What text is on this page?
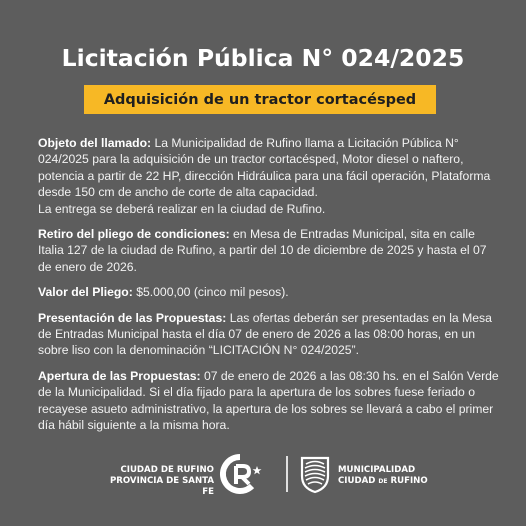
Licitación Pública N° 024/2025
Adquisición de un tractor cortacésped

Objeto del llamado: La Municipalidad de Rufino llama a Licitación Pública N° 024/2025 para la adquisición de un tractor cortacésped, Motor diesel o naftero, potencia a partir de 22 HP, dirección Hidráulica para una fácil operación, Plataforma desde 150 cm de ancho de corte de alta capacidad.
La entrega se deberá realizar en la ciudad de Rufino.

Retiro del pliego de condiciones: en Mesa de Entradas Municipal, sita en calle Italia 127 de la ciudad de Rufino, a partir del 10 de diciembre de 2025 y hasta el 07 de enero de 2026.

Valor del Pliego: $5.000,00 (cinco mil pesos).

Presentación de las Propuestas: Las ofertas deberán ser presentadas en la Mesa de Entradas Municipal hasta el día 07 de enero de 2026 a las 08:00 horas, en un sobre liso con la denominación “LICITACIÓN N° 024/2025”.

Apertura de las Propuestas: 07 de enero de 2026 a las 08:30 hs. en el Salón Verde de la Municipalidad. Si el día fijado para la apertura de los sobres fuese feriado o recayese asueto administrativo, la apertura de los sobres se llevará a cabo el primer día hábil siguiente a la misma hora.

CIUDAD DE RUFINO
PROVINCIA DE SANTA FE
MUNICIPALIDAD
CIUDAD DE RUFINO
